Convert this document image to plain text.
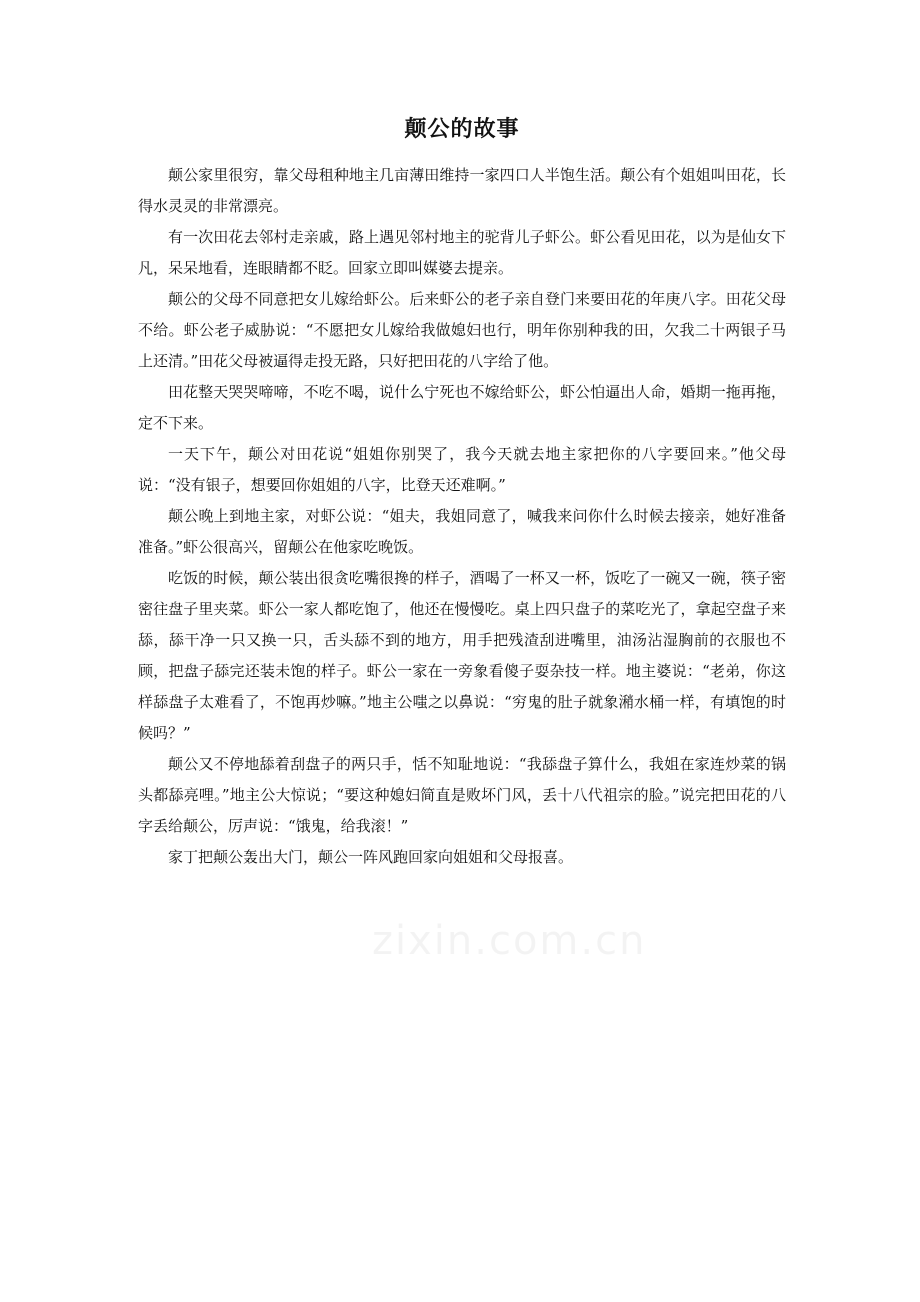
颠公的故事

颠公家里很穷，靠父母租种地主几亩薄田维持一家四口人半饱生活。颠公有个姐姐叫田花，长得水灵灵的非常漂亮。

有一次田花去邻村走亲戚，路上遇见邻村地主的驼背儿子虾公。虾公看见田花，以为是仙女下凡，呆呆地看，连眼睛都不眨。回家立即叫媒婆去提亲。

颠公的父母不同意把女儿嫁给虾公。后来虾公的老子亲自登门来要田花的年庚八字。田花父母不给。虾公老子威胁说：“不愿把女儿嫁给我做媳妇也行，明年你别种我的田，欠我二十两银子马上还清。”田花父母被逼得走投无路，只好把田花的八字给了他。

田花整天哭哭啼啼，不吃不喝，说什么宁死也不嫁给虾公，虾公怕逼出人命，婚期一拖再拖，定不下来。

一天下午，颠公对田花说“姐姐你别哭了，我今天就去地主家把你的八字要回来。”他父母说：“没有银子，想要回你姐姐的八字，比登天还难啊。”

颠公晚上到地主家，对虾公说：“姐夫，我姐同意了，喊我来问你什么时候去接亲，她好准备准备。”虾公很高兴，留颠公在他家吃晚饭。

吃饭的时候，颠公装出很贪吃嘴很搀的样子，酒喝了一杯又一杯，饭吃了一碗又一碗，筷子密密往盘子里夹菜。虾公一家人都吃饱了，他还在慢慢吃。桌上四只盘子的菜吃光了，拿起空盘子来舔，舔干净一只又换一只，舌头舔不到的地方，用手把残渣刮进嘴里，油汤沾湿胸前的衣服也不顾，把盘子舔完还装未饱的样子。虾公一家在一旁象看傻子耍杂技一样。地主婆说：“老弟，你这样舔盘子太难看了，不饱再炒嘛。”地主公嗤之以鼻说：“穷鬼的肚子就象潲水桶一样，有填饱的时候吗？”

颠公又不停地舔着刮盘子的两只手，恬不知耻地说：“我舔盘子算什么，我姐在家连炒菜的锅头都舔亮哩。”地主公大惊说；“要这种媳妇简直是败坏门风，丢十八代祖宗的脸。”说完把田花的八字丢给颠公，厉声说：“饿鬼，给我滚！”

家丁把颠公轰出大门，颠公一阵风跑回家向姐姐和父母报喜。
